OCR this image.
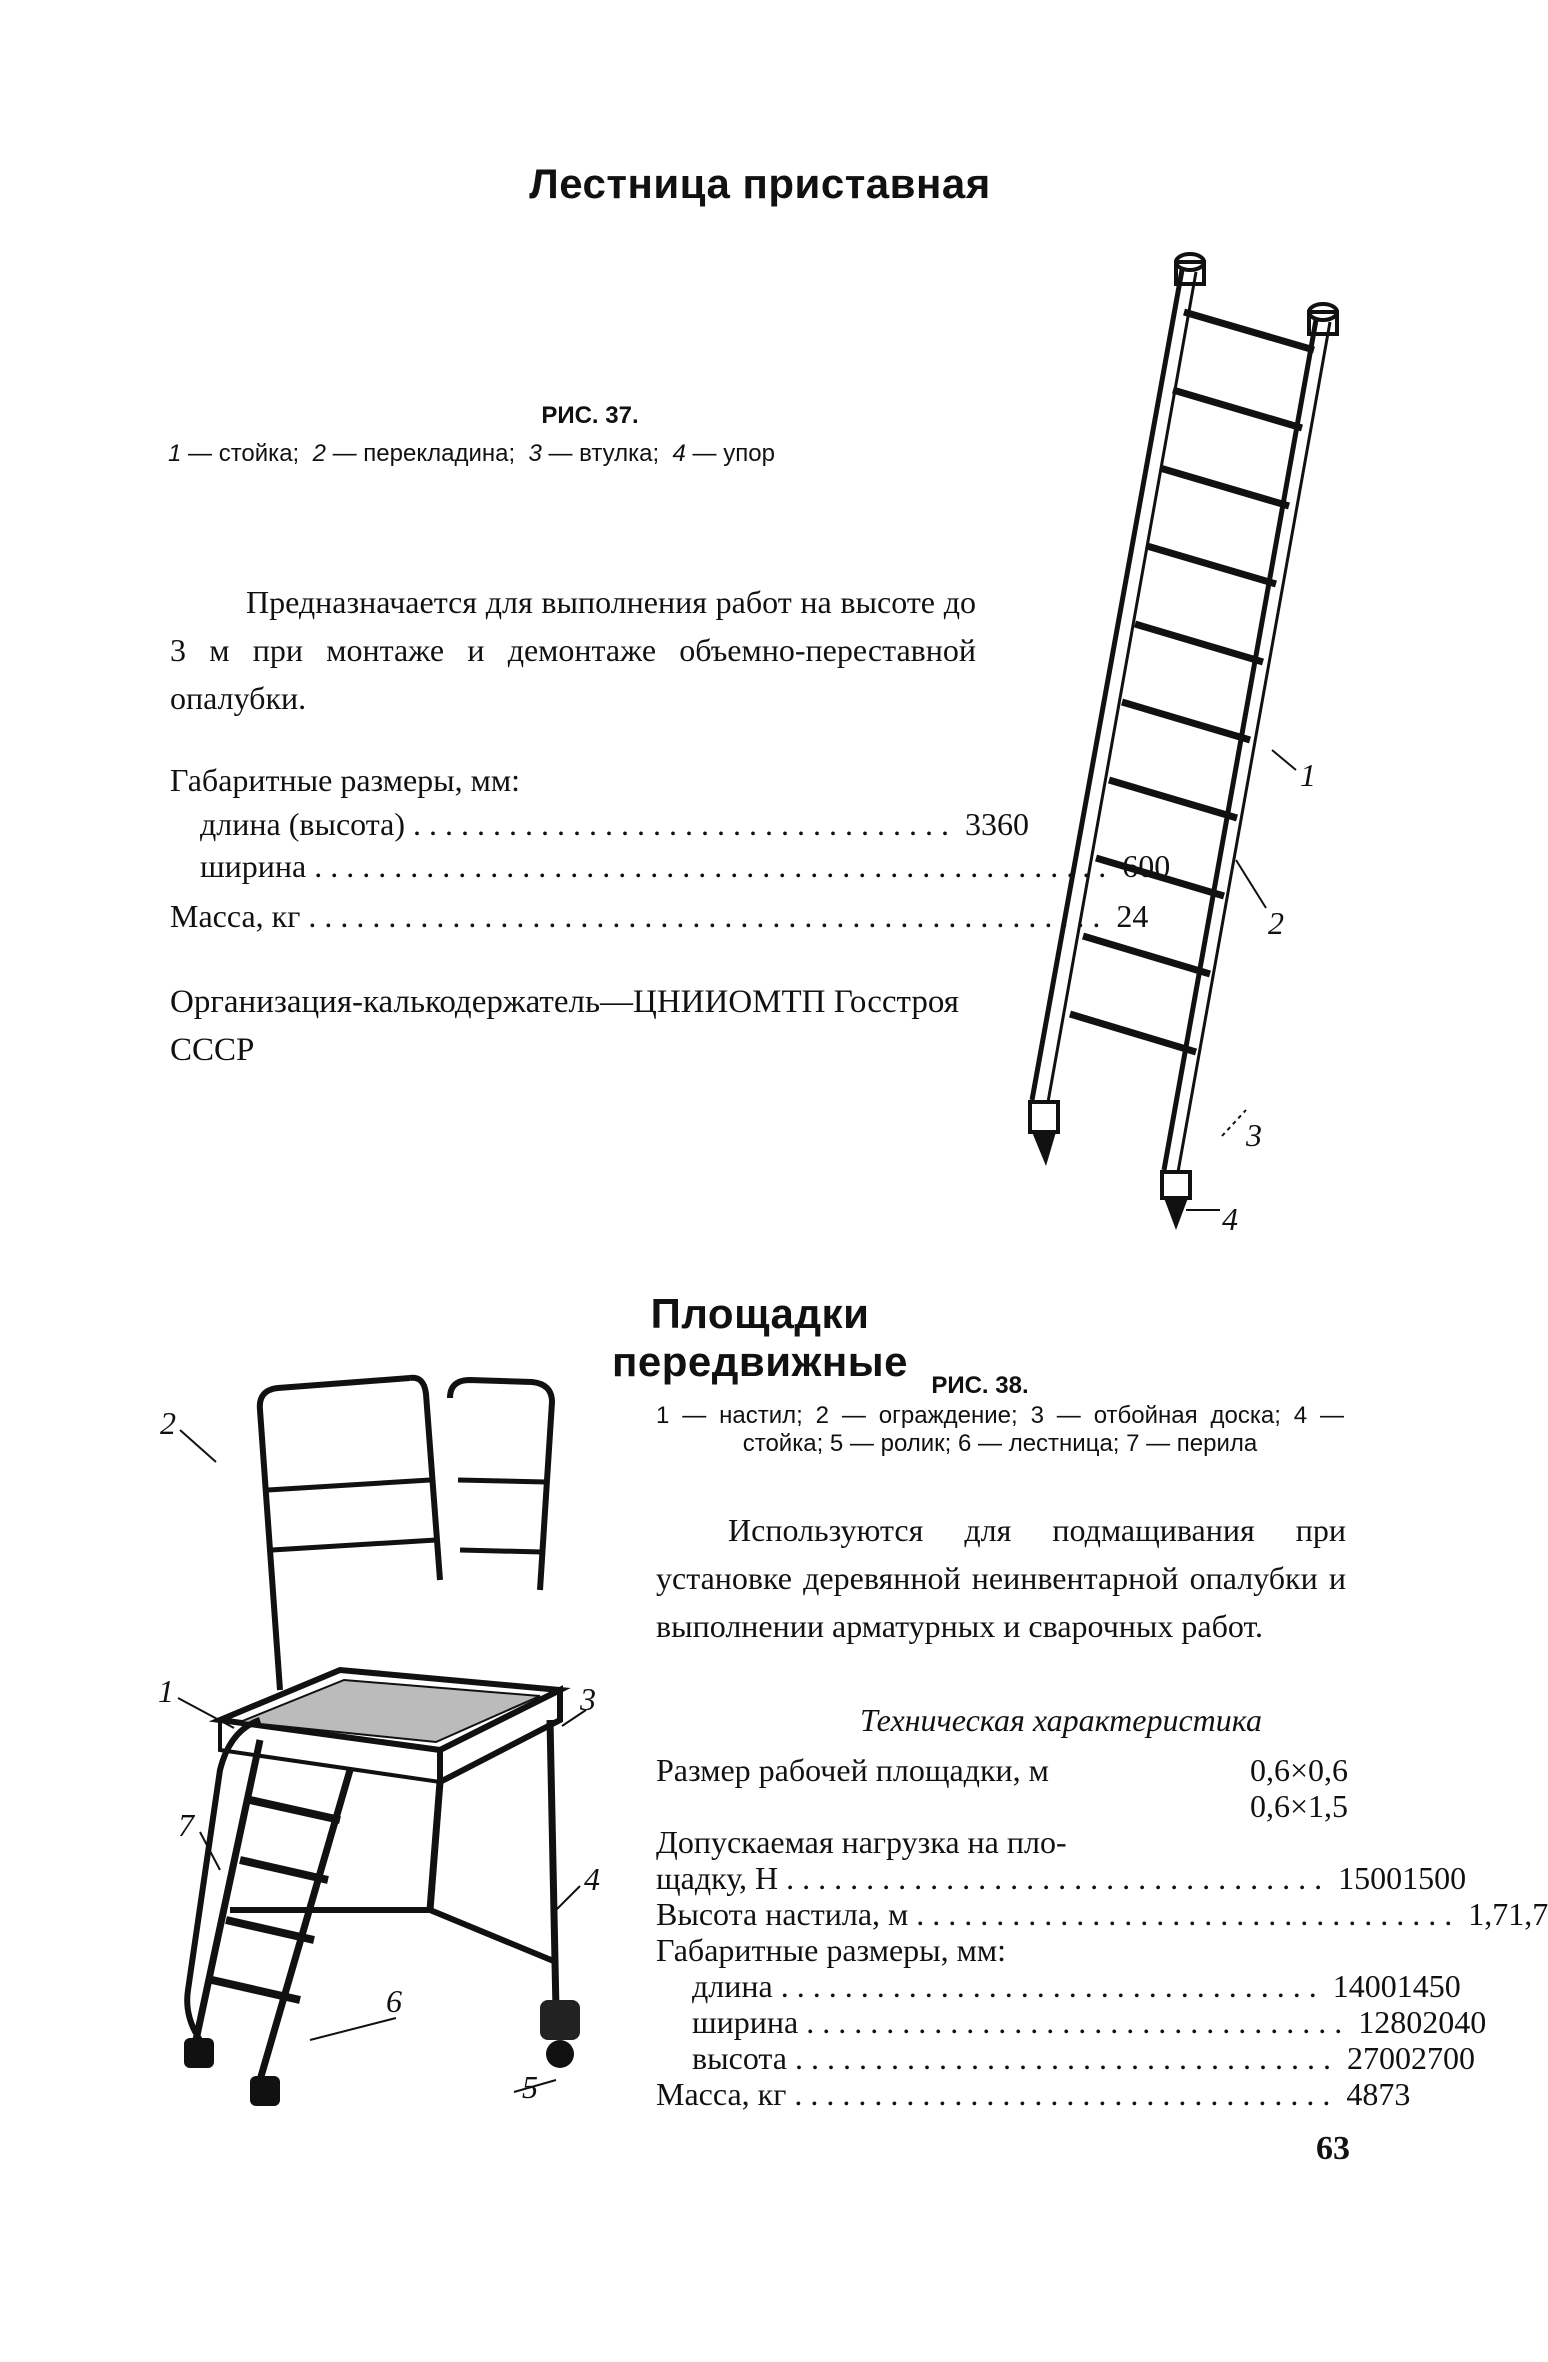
Лестница приставная
РИС. 37.
1 — стойка; 2 — перекладина; 3 — втулка; 4 — упор
Предназначается для выполнения работ на высоте до 3 м при монтаже и демонтаже объемно-переставной опалубки.
Габаритные размеры, мм:
длина (высота) .................................. 3360
ширина .................................................. 600
Масса, кг .................................................. 24
Организация-калькодержатель—ЦНИИОМТП Госстроя СССР
1
2
3
4
Площадки передвижные
РИС. 38.
1 — настил; 2 — ограждение; 3 — отбойная доска; 4 — стойка; 5 — ролик; 6 — лестница; 7 — перила
Используются для подмащивания при установке деревянной неинвентарной опалубки и выполнении арматурных и сварочных работ.
Техническая характеристика
Размер рабочей площадки, м	0,6×0,6
0,6×1,5
Допускаемая нагрузка на пло-
щадку, Н .................................. 1500 1500
Высота настила, м .................................. 1,7 1,7
Габаритные размеры, мм:
длина .................................. 1400 1450
ширина .................................. 1280 2040
высота .................................. 2700 2700
Масса, кг .................................. 48 73
2
1	3
7
4
6
5
63
